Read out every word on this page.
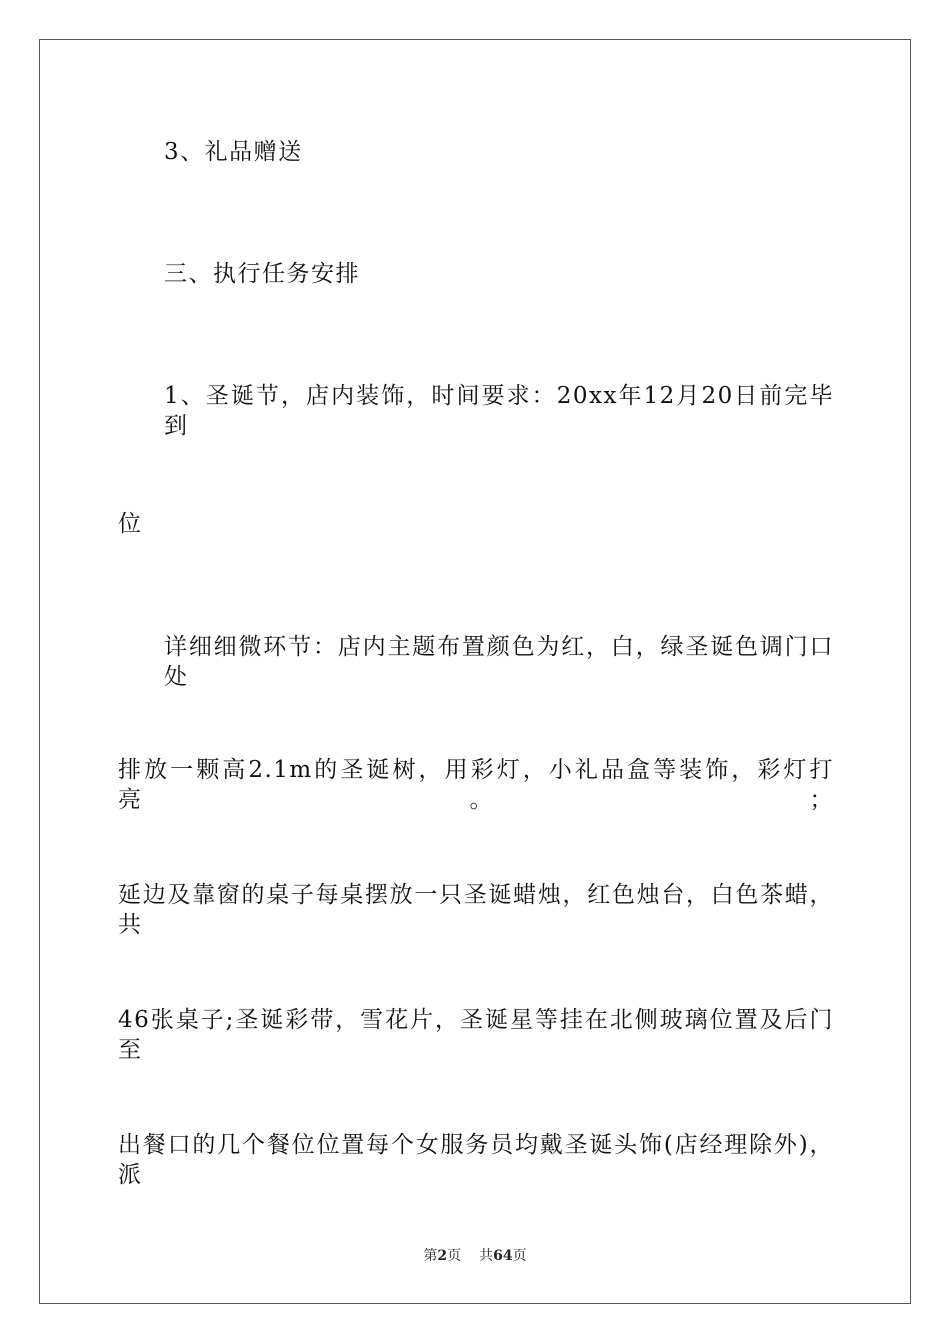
3、礼品赠送
三、执行任务安排
1、圣诞节，店内装饰，时间要求：20xx年12月20日前完毕到
位
详细细微环节：店内主题布置颜色为红，白，绿圣诞色调门口处
排放一颗高2.1m的圣诞树，用彩灯，小礼品盒等装饰，彩灯打亮。；
延边及靠窗的桌子每桌摆放一只圣诞蜡烛，红色烛台，白色茶蜡，共
46张桌子;圣诞彩带，雪花片，圣诞星等挂在北侧玻璃位置及后门至
出餐口的几个餐位位置每个女服务员均戴圣诞头饰(店经理除外)，派
第2页 共64页
